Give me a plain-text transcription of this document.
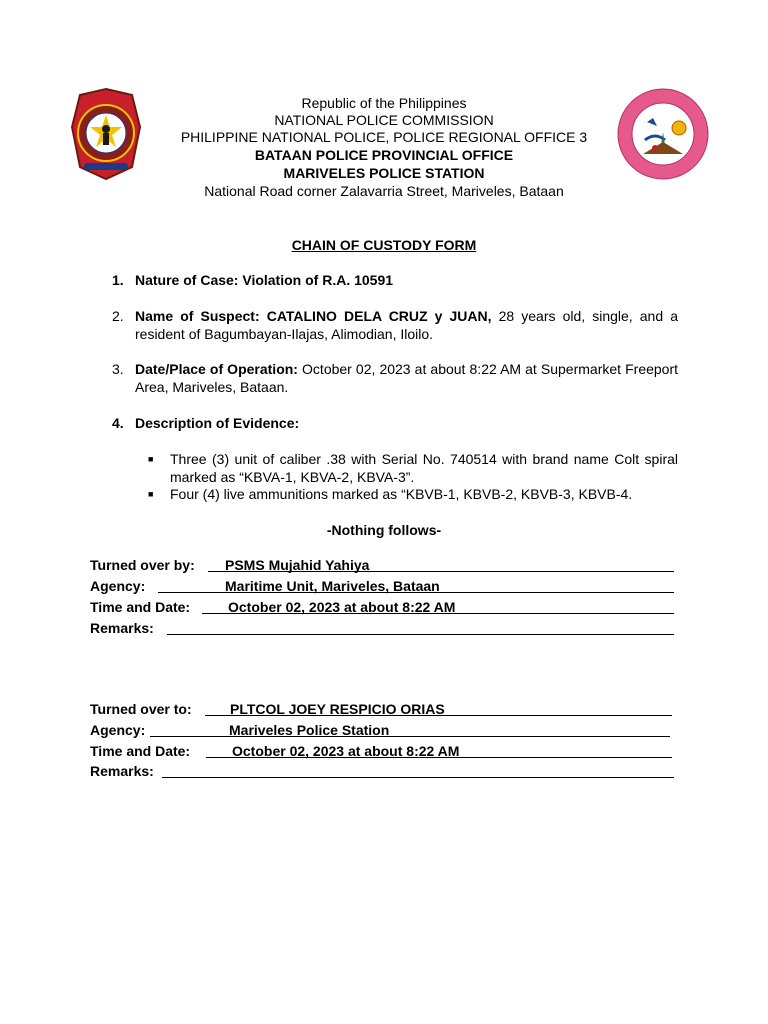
Republic of the Philippines
NATIONAL POLICE COMMISSION
PHILIPPINE NATIONAL POLICE, POLICE REGIONAL OFFICE 3
BATAAN POLICE PROVINCIAL OFFICE
MARIVELES POLICE STATION
National Road corner Zalavarria Street, Mariveles, Bataan
CHAIN OF CUSTODY FORM
1. Nature of Case: Violation of R.A. 10591
2. Name of Suspect: CATALINO DELA CRUZ y JUAN, 28 years old, single, and a resident of Bagumbayan-Ilajas, Alimodian, Iloilo.
3. Date/Place of Operation: October 02, 2023 at about 8:22 AM at Supermarket Freeport Area, Mariveles, Bataan.
4. Description of Evidence:
■ Three (3) unit of caliber .38 with Serial No. 740514 with brand name Colt spiral marked as “KBVA-1, KBVA-2, KBVA-3”.
■ Four (4) live ammunitions marked as “KBVB-1, KBVB-2, KBVB-3, KBVB-4.
-Nothing follows-
Turned over by: PSMS Mujahid Yahiya
Agency:	Maritime Unit, Mariveles, Bataan
Time and Date:	October 02, 2023 at about 8:22 AM
Remarks:
Turned over to:	PLTCOL JOEY RESPICIO ORIAS
Agency:	Mariveles Police Station
Time and Date:	October 02, 2023 at about 8:22 AM
Remarks:
